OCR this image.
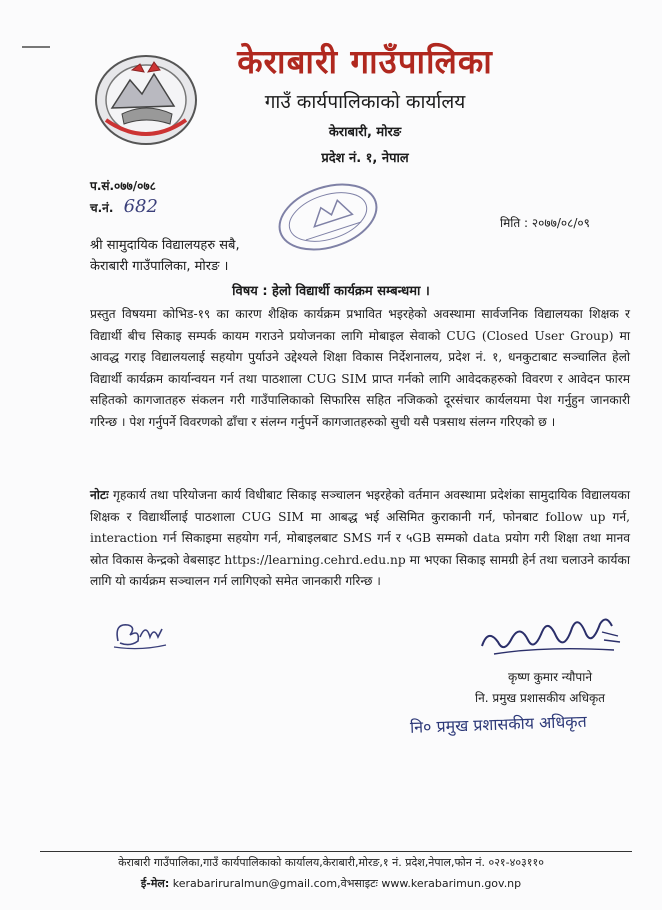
केराबारी गाउँपालिका
गाउँ कार्यपालिकाको कार्यालय
केराबारी, मोरङ
प्रदेश नं. १, नेपाल
प.सं.०७७/०७८
च.नं. 682
मिति : २०७७/०८/०९
श्री सामुदायिक विद्यालयहरु सबै,
केराबारी गाउँपालिका, मोरङ ।
विषय : हेलो विद्यार्थी कार्यक्रम सम्बन्धमा ।
प्रस्तुत विषयमा कोभिड-१९ का कारण शैक्षिक कार्यक्रम प्रभावित भइरहेको अवस्थामा सार्वजनिक विद्यालयका शिक्षक र विद्यार्थी बीच सिकाइ सम्पर्क कायम गराउने प्रयोजनका लागि मोबाइल सेवाको CUG (Closed User Group) मा आवद्ध गराइ विद्यालयलाई सहयोग पुर्याउने उद्देश्यले शिक्षा विकास निर्देशनालय, प्रदेश नं. १, धनकुटाबाट सञ्चालित हेलो विद्यार्थी कार्यक्रम कार्यान्वयन गर्न तथा पाठशाला CUG SIM प्राप्त गर्नको लागि आवेदकहरुको विवरण र आवेदन फारम सहितको कागजातहरु संकलन गरी गाउँपालिकाको सिफारिस सहित नजिकको दूरसंचार कार्यलयमा पेश गर्नुहुन जानकारी गरिन्छ । पेश गर्नुपर्ने विवरणको ढाँचा र संलग्न गर्नुपर्ने कागजातहरुको सुची यसै पत्रसाथ संलग्न गरिएको छ ।
नोटः गृहकार्य तथा परियोजना कार्य विधीबाट सिकाइ सञ्चालन भइरहेको वर्तमान अवस्थामा प्रदेशंका सामुदायिक विद्यालयका शिक्षक र विद्यार्थीलाई पाठशाला CUG SIM मा आबद्ध भई असिमित कुराकानी गर्न, फोनबाट follow up गर्न, interaction गर्न सिकाइमा सहयोग गर्न, मोबाइलबाट SMS गर्न र ५GB सम्मको data प्रयोग गरी शिक्षा तथा मानव स्रोत विकास केन्द्रको वेबसाइट https://learning.cehrd.edu.np मा भएका सिकाइ सामग्री हेर्न तथा चलाउने कार्यका लागि यो कार्यक्रम सञ्चालन गर्न लागिएको समेत जानकारी गरिन्छ ।
कृष्ण कुमार न्यौपाने
नि. प्रमुख प्रशासकीय अधिकृत
नि० प्रमुख प्रशासकीय अधिकृत
केराबारी गाउँपालिका,गाउँ कार्यपालिकाको कार्यालय,केराबारी,मोरङ,१ नं. प्रदेश,नेपाल,फोन नं. ०२१-४०३११०
ई-मेल: kerabariruralmun@gmail.com,वेभसाइटः www.kerabarimun.gov.np
